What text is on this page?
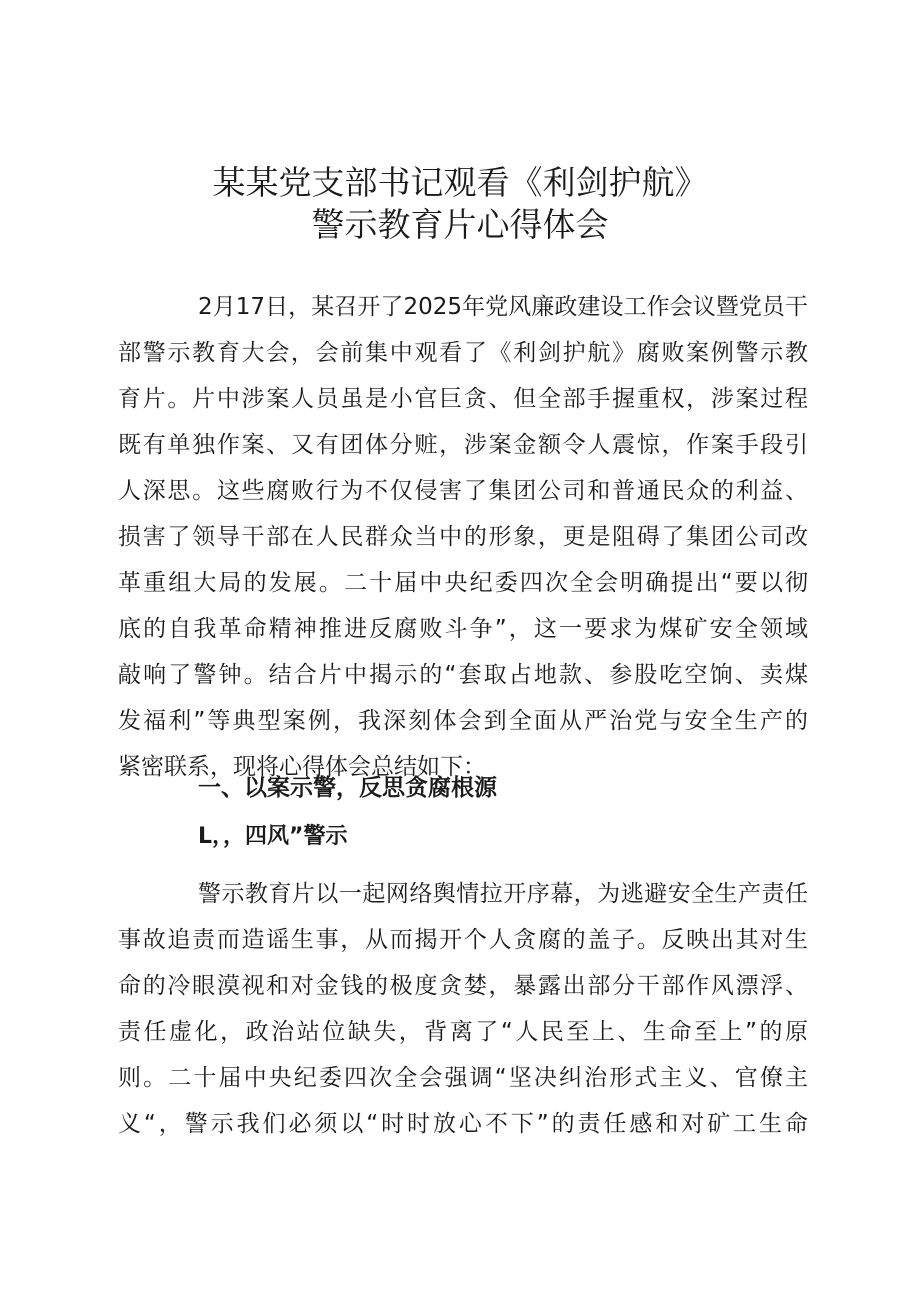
某某党支部书记观看《利剑护航》
警示教育片心得体会
2月17日，某召开了2025年党风廉政建设工作会议暨党员干
部警示教育大会，会前集中观看了《利剑护航》腐败案例警示教
育片。片中涉案人员虽是小官巨贪、但全部手握重权，涉案过程
既有单独作案、又有团体分赃，涉案金额令人震惊，作案手段引
人深思。这些腐败行为不仅侵害了集团公司和普通民众的利益、
损害了领导干部在人民群众当中的形象，更是阻碍了集团公司改
革重组大局的发展。二十届中央纪委四次全会明确提出“要以彻
底的自我革命精神推进反腐败斗争”，这一要求为煤矿安全领域
敲响了警钟。结合片中揭示的“套取占地款、参股吃空饷、卖煤
发福利”等典型案例，我深刻体会到全面从严治党与安全生产的
紧密联系，现将心得体会总结如下：
一、以案示警，反思贪腐根源
L，，四风”警示
警示教育片以一起网络舆情拉开序幕，为逃避安全生产责任
事故追责而造谣生事，从而揭开个人贪腐的盖子。反映出其对生
命的冷眼漠视和对金钱的极度贪婪，暴露出部分干部作风漂浮、
责任虚化，政治站位缺失，背离了“人民至上、生命至上”的原
则。二十届中央纪委四次全会强调“坚决纠治形式主义、官僚主
义“，警示我们必须以“时时放心不下”的责任感和对矿工生命
